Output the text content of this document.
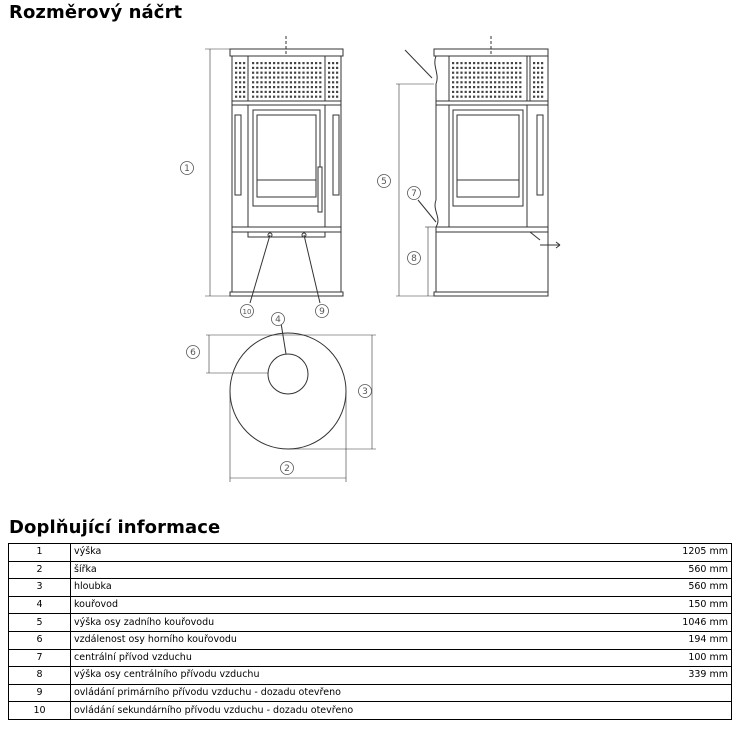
Rozměrový náčrt
1
2
3
4
5
6
7
8
9
10
Doplňující informace
1	výška	1205 mm
2	šířka	560 mm
3	hloubka	560 mm
4	kouřovod	150 mm
5	výška osy zadního kouřovodu	1046 mm
6	vzdálenost osy horního kouřovodu	194 mm
7	centrální přívod vzduchu	100 mm
8	výška osy centrálního přívodu vzduchu	339 mm
9	ovládání primárního přívodu vzduchu - dozadu otevřeno	
10	ovládání sekundárního přívodu vzduchu - dozadu otevřeno	
